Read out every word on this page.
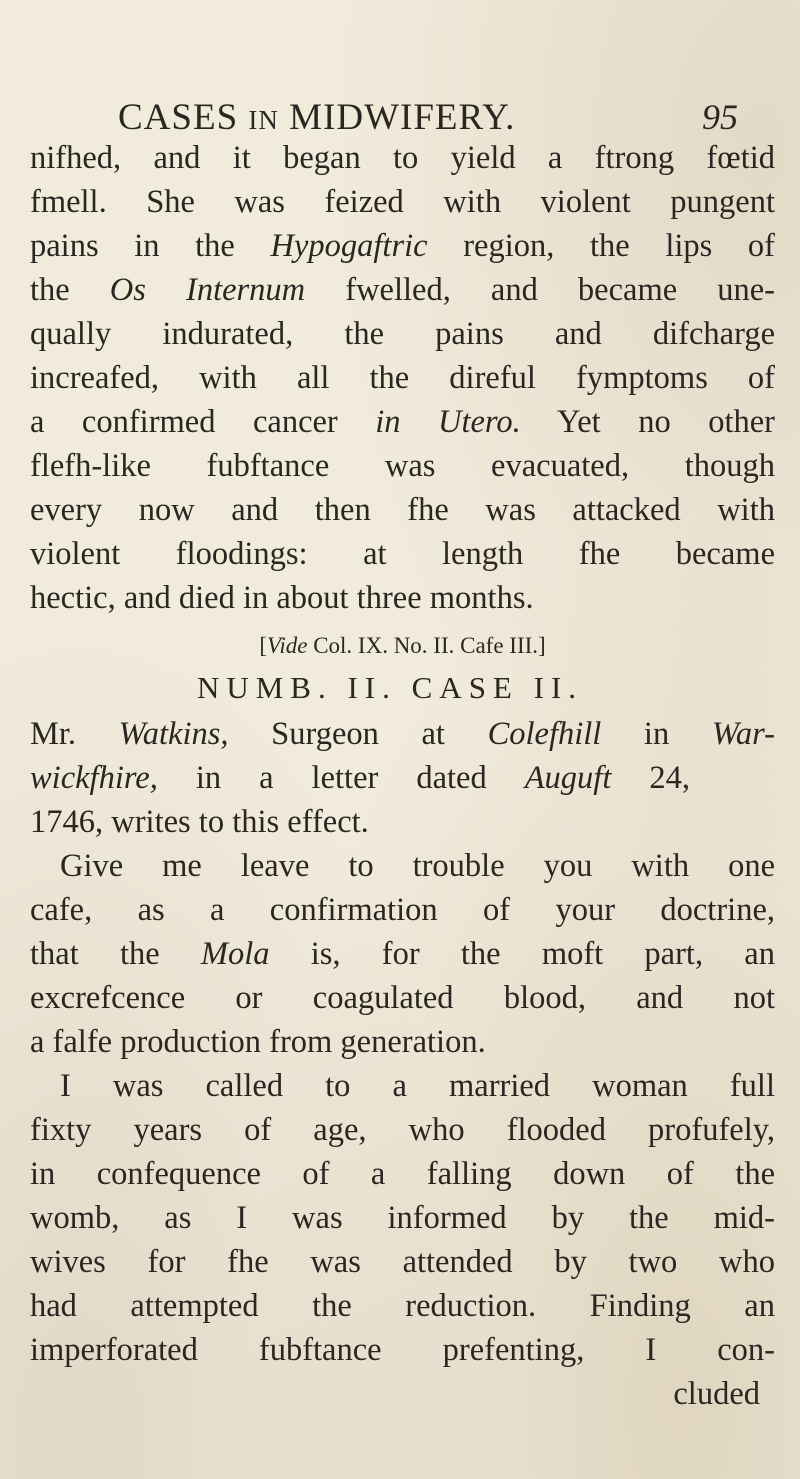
CASES IN MIDWIFERY.	95
nifhed, and it began to yield a ftrong fœtid
fmell. She was feized with violent pungent
pains in the Hypogaftric region, the lips of
the Os Internum fwelled, and became une-
qually indurated, the pains and difcharge
increafed, with all the direful fymptoms of
a confirmed cancer in Utero. Yet no other
flefh-like fubftance was evacuated, though
every now and then fhe was attacked with
violent floodings: at length fhe became
hectic, and died in about three months.
[Vide Col. IX. No. II. Cafe III.]
NUMB. II. CASE II.
Mr. Watkins, Surgeon at Colefhill in War-
wickfhire, in a letter dated Auguft 24,
1746, writes to this effect.
Give me leave to trouble you with one
cafe, as a confirmation of your doctrine,
that the Mola is, for the moft part, an
excrefcence or coagulated blood, and not
a falfe production from generation.
I was called to a married woman full
fixty years of age, who flooded profufely,
in confequence of a falling down of the
womb, as I was informed by the mid-
wives for fhe was attended by two who
had attempted the reduction. Finding an
imperforated fubftance prefenting, I con-
cluded
